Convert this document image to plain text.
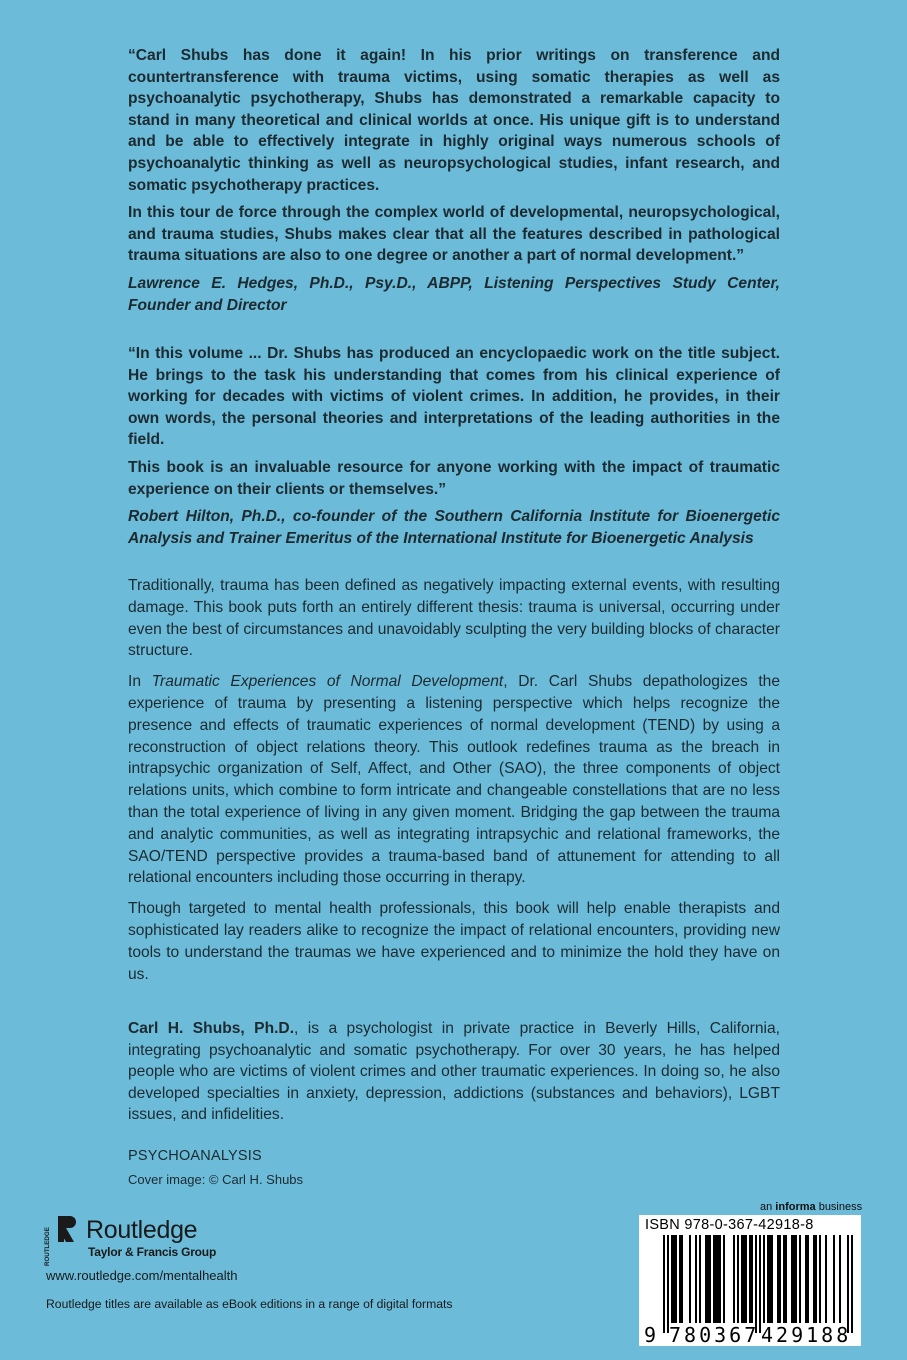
“Carl Shubs has done it again! In his prior writings on transference and countertransference with trauma victims, using somatic therapies as well as psychoanalytic psychotherapy, Shubs has demonstrated a remarkable capacity to stand in many theoretical and clinical worlds at once. His unique gift is to understand and be able to effectively integrate in highly original ways numerous schools of psychoanalytic thinking as well as neuropsychological studies, infant research, and somatic psychotherapy practices.

In this tour de force through the complex world of developmental, neuropsychological, and trauma studies, Shubs makes clear that all the features described in pathological trauma situations are also to one degree or another a part of normal development.”

Lawrence E. Hedges, Ph.D., Psy.D., ABPP, Listening Perspectives Study Center, Founder and Director

“In this volume ... Dr. Shubs has produced an encyclopaedic work on the title subject. He brings to the task his understanding that comes from his clinical experience of working for decades with victims of violent crimes. In addition, he provides, in their own words, the personal theories and interpretations of the leading authorities in the field.

This book is an invaluable resource for anyone working with the impact of traumatic experience on their clients or themselves.”

Robert Hilton, Ph.D., co-founder of the Southern California Institute for Bioenergetic Analysis and Trainer Emeritus of the International Institute for Bioenergetic Analysis

Traditionally, trauma has been defined as negatively impacting external events, with resulting damage. This book puts forth an entirely different thesis: trauma is universal, occurring under even the best of circumstances and unavoidably sculpting the very building blocks of character structure.

In Traumatic Experiences of Normal Development, Dr. Carl Shubs depathologizes the experience of trauma by presenting a listening perspective which helps recognize the presence and effects of traumatic experiences of normal development (TEND) by using a reconstruction of object relations theory. This outlook redefines trauma as the breach in intrapsychic organization of Self, Affect, and Other (SAO), the three components of object relations units, which combine to form intricate and changeable constellations that are no less than the total experience of living in any given moment. Bridging the gap between the trauma and analytic communities, as well as integrating intrapsychic and relational frameworks, the SAO/TEND perspective provides a trauma-based band of attunement for attending to all relational encounters including those occurring in therapy.

Though targeted to mental health professionals, this book will help enable therapists and sophisticated lay readers alike to recognize the impact of relational encounters, providing new tools to understand the traumas we have experienced and to minimize the hold they have on us.

Carl H. Shubs, Ph.D., is a psychologist in private practice in Beverly Hills, California, integrating psychoanalytic and somatic psychotherapy. For over 30 years, he has helped people who are victims of violent crimes and other traumatic experiences. In doing so, he also developed specialties in anxiety, depression, addictions (substances and behaviors), LGBT issues, and infidelities.

PSYCHOANALYSIS
Cover image: © Carl H. Shubs
ROUTLEDGE Routledge
Taylor & Francis Group
www.routledge.com/mentalhealth
Routledge titles are available as eBook editions in a range of digital formats
an informa business
ISBN 978-0-367-42918-8
9 780367 429188
